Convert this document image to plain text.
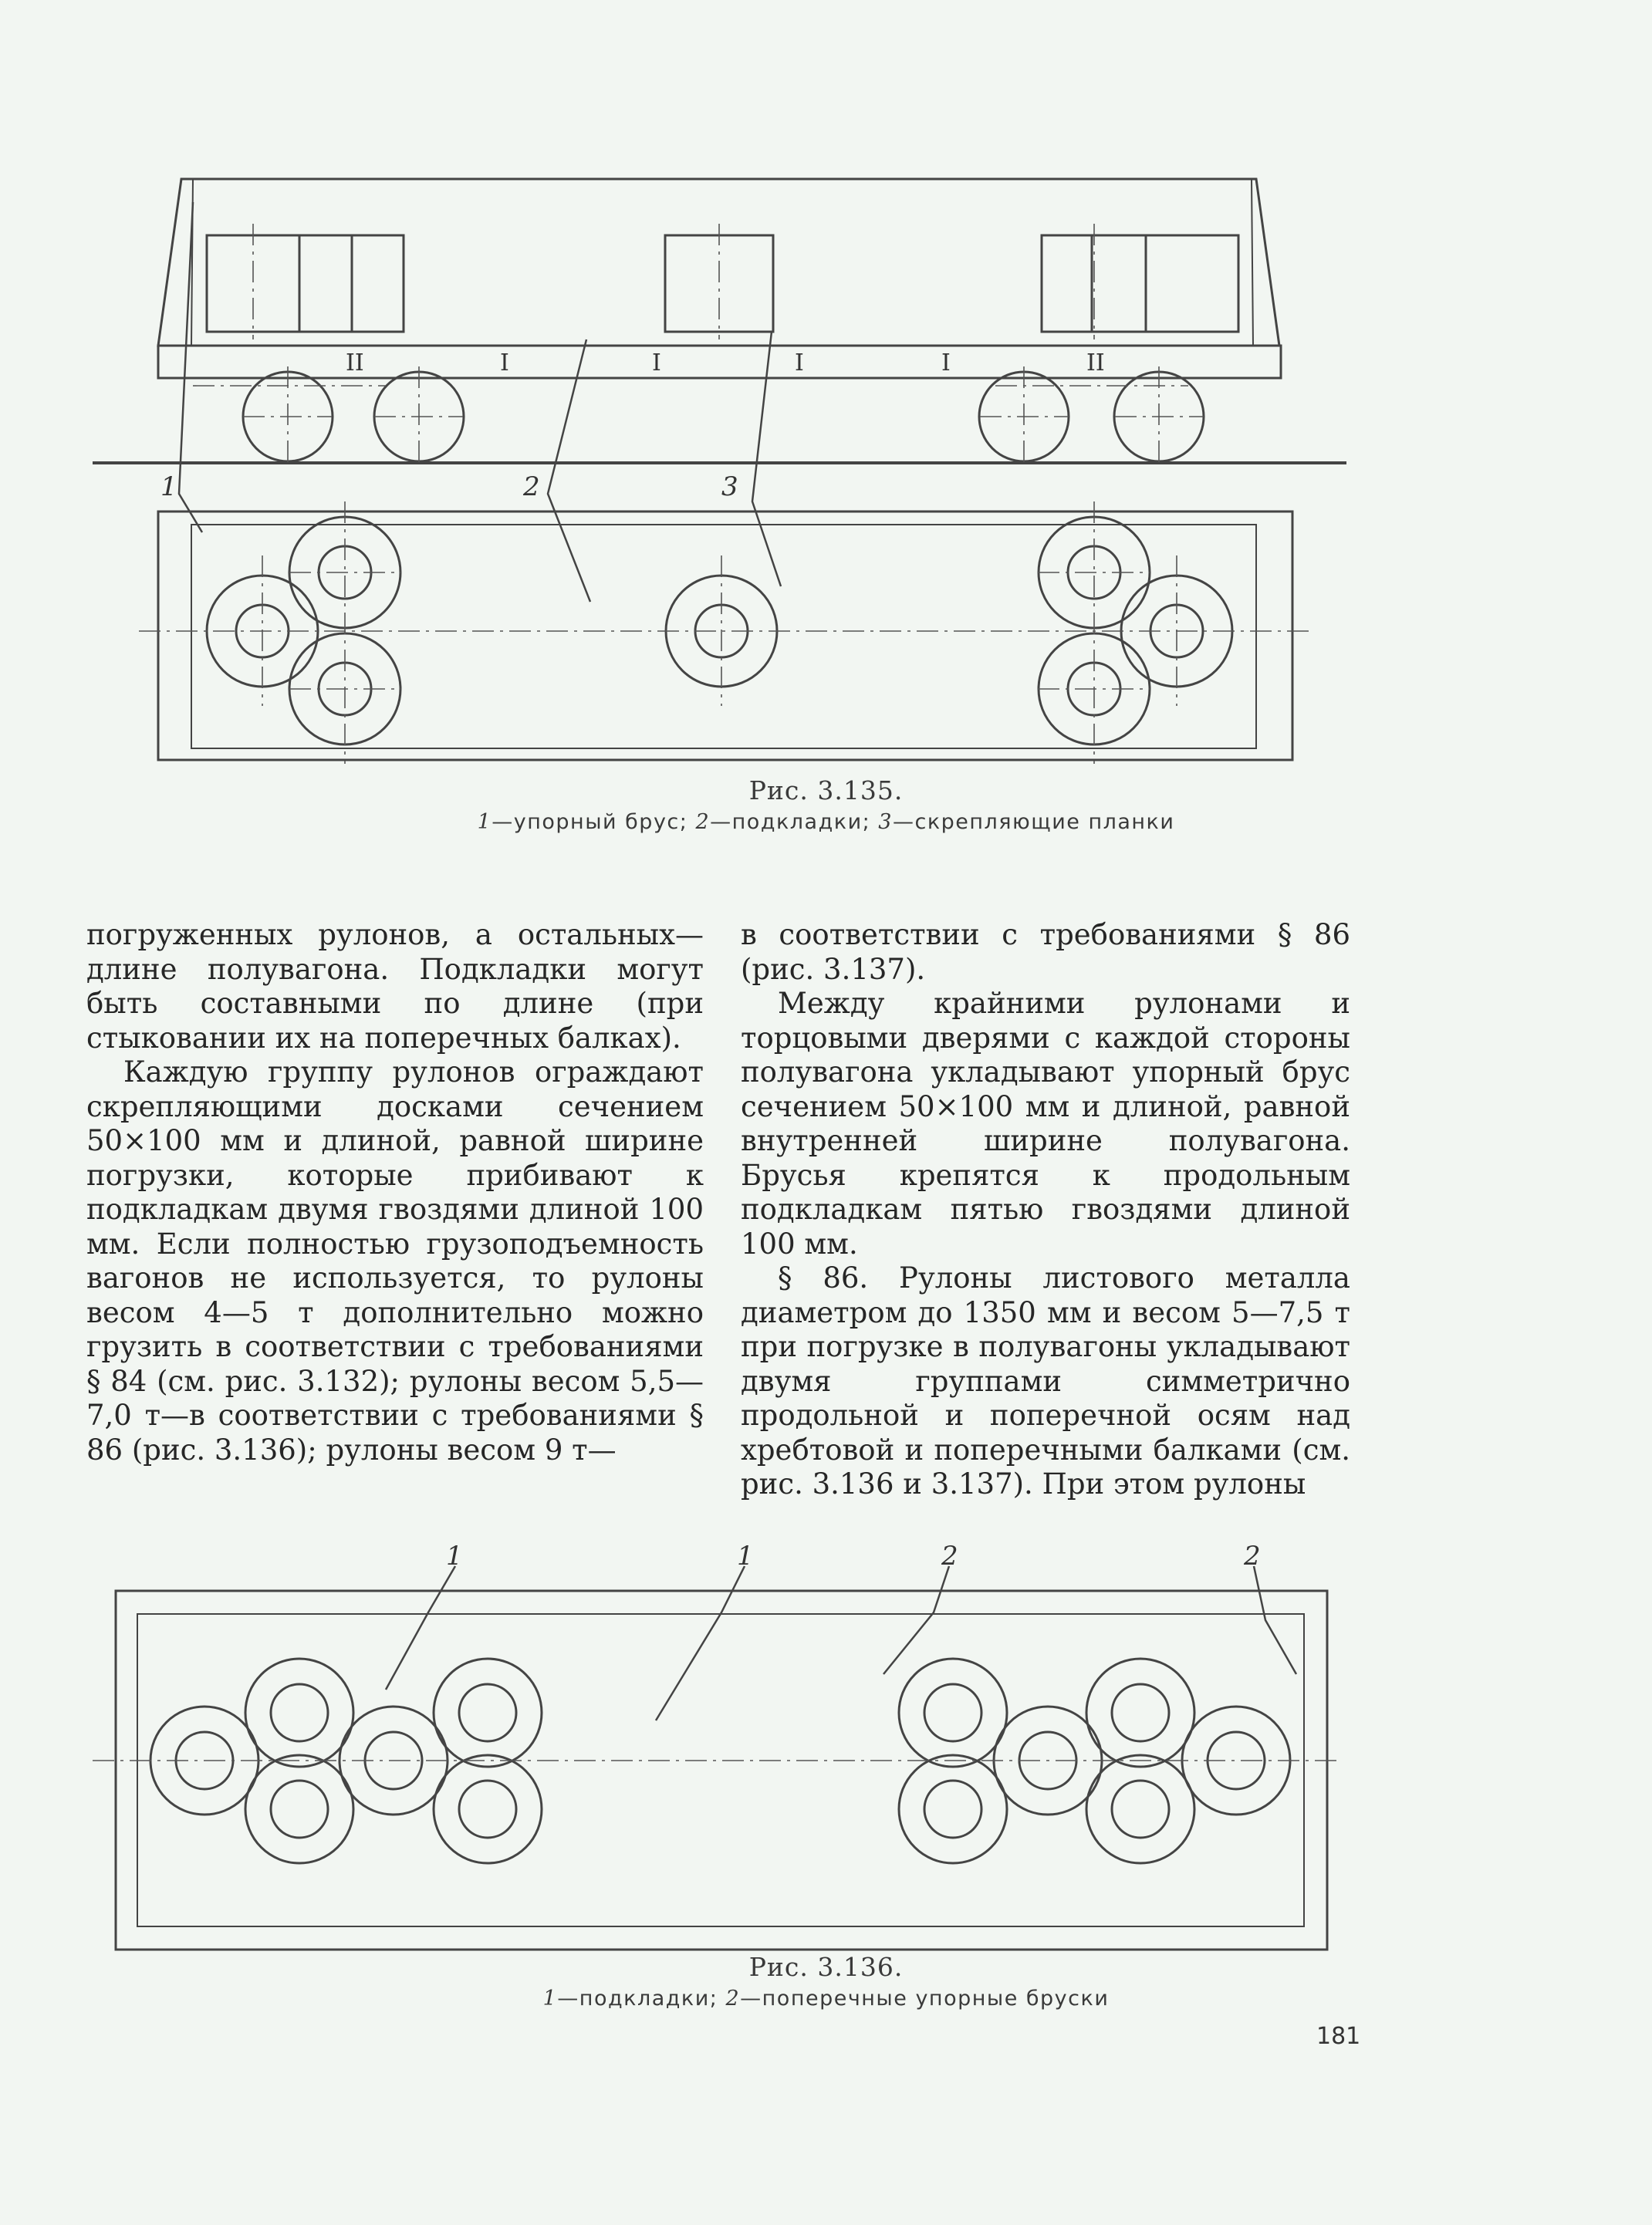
II	I	I	I	I	II
1	2	3
Рис. 3.135.
1—упорный брус; 2—подкладки; 3—скрепляющие планки

погруженных рулонов, а остальных—длине полувагона. Подкладки могут быть составными по длине (при стыковании их на поперечных балках).

Каждую группу рулонов ограждают скрепляющими досками сечением 50×100 мм и длиной, равной ширине погрузки, которые прибивают к подкладкам двумя гвоздями длиной 100 мм. Если полностью грузоподъемность вагонов не используется, то рулоны весом 4—5 т дополнительно можно грузить в соответствии с требованиями § 84 (см. рис. 3.132); рулоны весом 5,5—7,0 т—в соответствии с требованиями § 86 (рис. 3.136); рулоны весом 9 т—

в соответствии с требованиями § 86 (рис. 3.137).

Между крайними рулонами и торцовыми дверями с каждой стороны полувагона укладывают упорный брус сечением 50×100 мм и длиной, равной внутренней ширине полувагона. Брусья крепятся к продольным подкладкам пятью гвоздями длиной 100 мм.

§ 86. Рулоны листового металла диаметром до 1350 мм и весом 5—7,5 т при погрузке в полувагоны укладывают двумя группами симметрично продольной и поперечной осям над хребтовой и поперечными балками (см. рис. 3.136 и 3.137). При этом рулоны

1	1	2	2
Рис. 3.136.
1—подкладки; 2—поперечные упорные бруски
181
